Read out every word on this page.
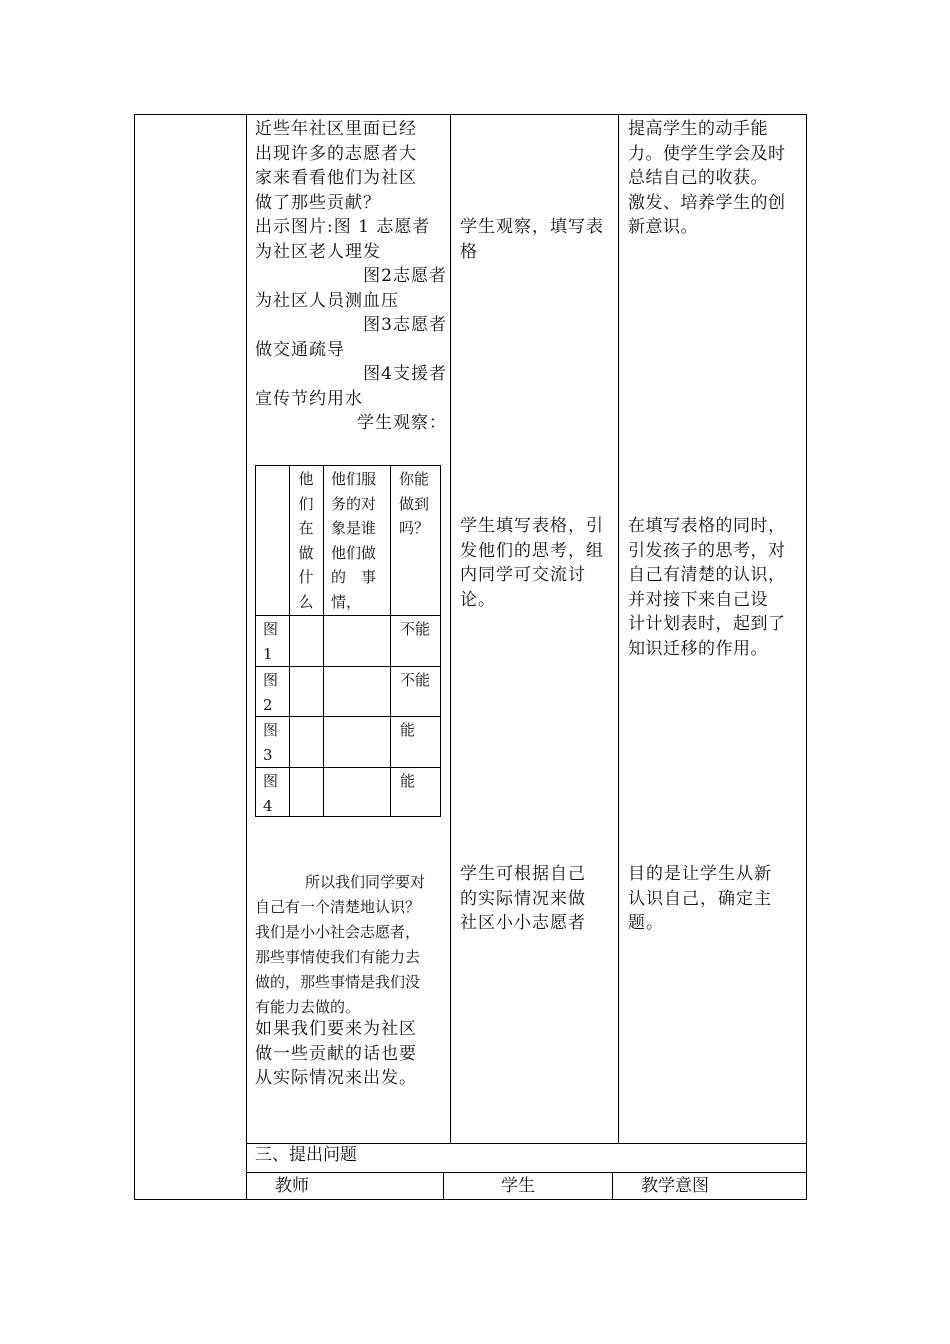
近些年社区里面已经

出现许多的志愿者大

家来看看他们为社区

做了那些贡献？

出示图片:图 1 志愿者

为社区老人理发

图2志愿者

为社区人员测血压

图3志愿者

做交通疏导

图4支援者

宣传节约用水

学生观察：

他
们
在
做
什
么
他们服
务的对
象是谁
他们做
的　事
情，
你能
做到
吗？
图
1
不能
图
2
不能
图
3
能
图
4
能

所以我们同学要对

自己有一个清楚地认识？

我们是小小社会志愿者，

那些事情使我们有能力去

做的，那些事情是我们没

有能力去做的。

如果我们要来为社区

做一些贡献的话也要

从实际情况来出发。

学生观察，填写表

格

学生填写表格，引

发他们的思考，组

内同学可交流讨

论。

学生可根据自己

的实际情况来做

社区小小志愿者

提高学生的动手能

力。使学生学会及时

总结自己的收获。

激发、培养学生的创

新意识。

在填写表格的同时，

引发孩子的思考，对

自己有清楚的认识，

并对接下来自己设

计计划表时，起到了

知识迁移的作用。

目的是让学生从新

认识自己，确定主

题。

三、提出问题
教师	学生	教学意图
